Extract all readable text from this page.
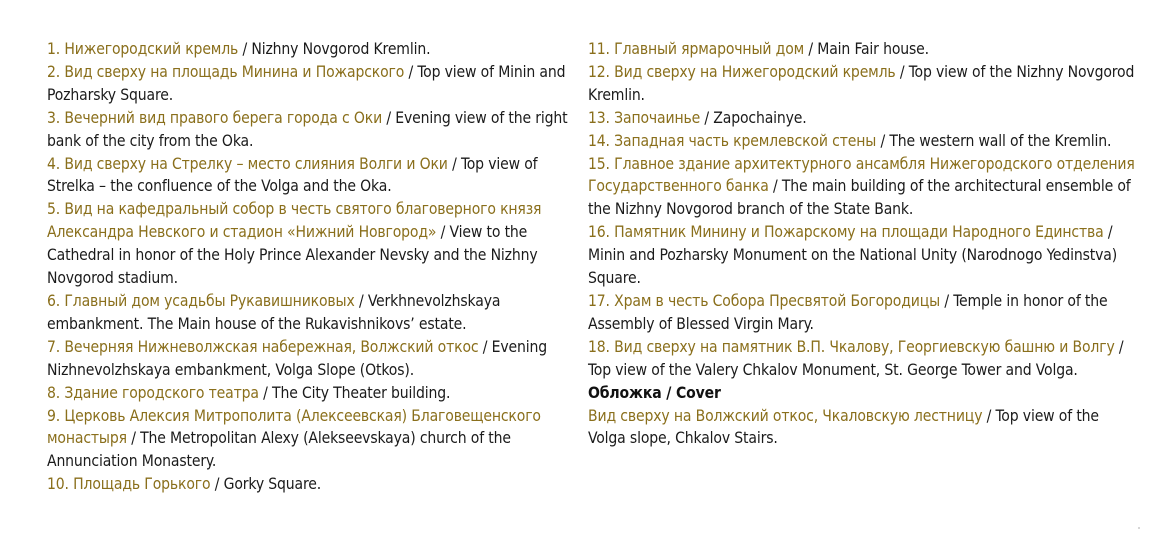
1. Нижегородский кремль / Nizhny Novgorod Kremlin.

2. Вид сверху на площадь Минина и Пожарского / Top view of Minin and Pozharsky Square.

3. Вечерний вид правого берега города с Оки / Evening view of the right bank of the city from the Oka.

4. Вид сверху на Стрелку – место слияния Волги и Оки / Top view of Strelka – the confluence of the Volga and the Oka.

5. Вид на кафедральный собор в честь святого благоверного князя Александра Невского и стадион «Нижний Новгород» / View to the Cathedral in honor of the Holy Prince Alexander Nevsky and the Nizhny Novgorod stadium.

6. Главный дом усадьбы Рукавишниковых / Verkhnevolzhskaya embankment. The Main house of the Rukavishnikovs’ estate.

7. Вечерняя Нижневолжская набережная, Волжский откос / Evening Nizhnevolzhskaya embankment, Volga Slope (Otkos).

8. Здание городского театра / The City Theater building.

9. Церковь Алексия Митрополита (Алексеевская) Благовещенского монастыря / The Metropolitan Alexy (Alekseevskaya) church of the Annunciation Monastery.

10. Площадь Горького / Gorky Square.

11. Главный ярмарочный дом / Main Fair house.

12. Вид сверху на Нижегородский кремль / Top view of the Nizhny Novgorod Kremlin.

13. Започаинье / Zapochainye.

14. Западная часть кремлевской стены / The western wall of the Kremlin.

15. Главное здание архитектурного ансамбля Нижегородского отделения Государственного банка / The main building of the architectural ensemble of the Nizhny Novgorod branch of the State Bank.

16. Памятник Минину и Пожарскому на площади Народного Единства / Minin and Pozharsky Monument on the National Unity (Narodnogo Yedinstva) Square.

17. Храм в честь Собора Пресвятой Богородицы / Temple in honor of the Assembly of Blessed Virgin Mary.

18. Вид сверху на памятник В.П. Чкалову, Георгиевскую башню и Волгу / Top view of the Valery Chkalov Monument, St. George Tower and Volga.

Обложка / Cover

Вид сверху на Волжский откос, Чкаловскую лестницу / Top view of the Volga slope, Chkalov Stairs.
